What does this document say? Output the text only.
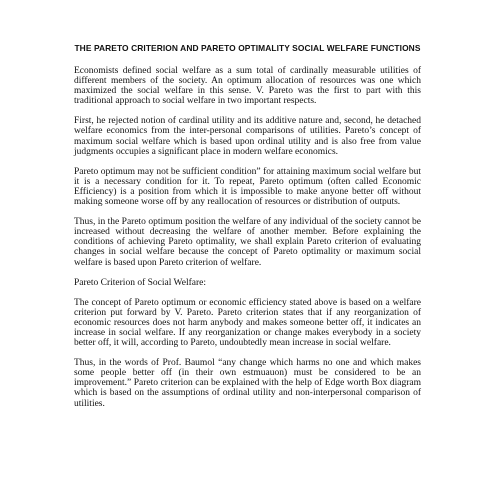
THE PARETO CRITERION AND PARETO OPTIMALITY SOCIAL WELFARE FUNCTIONS

Economists defined social welfare as a sum total of cardinally measurable utilities of different members of the society. An optimum allocation of resources was one which maximized the social welfare in this sense. V. Pareto was the first to part with this traditional approach to social welfare in two important respects.

First, he rejected notion of cardinal utility and its additive nature and, second, he detached welfare economics from the inter-personal comparisons of utilities. Pareto’s concept of maximum social welfare which is based upon ordinal utility and is also free from value judgments occupies a significant place in modern welfare economics.

Pareto optimum may not be sufficient condition” for attaining maximum social welfare but it is a necessary condition for it. To repeat, Pareto optimum (often called Economic Efficiency) is a position from which it is impossible to make anyone better off without making someone worse off by any reallocation of resources or distribution of outputs.

Thus, in the Pareto optimum position the welfare of any individual of the society cannot be increased without decreasing the welfare of another member. Before explaining the conditions of achieving Pareto optimality, we shall explain Pareto criterion of evaluating changes in social welfare because the concept of Pareto optimality or maximum social welfare is based upon Pareto criterion of welfare.

Pareto Criterion of Social Welfare:

The concept of Pareto optimum or economic efficiency stated above is based on a welfare criterion put forward by V. Pareto. Pareto criterion states that if any reorganization of economic resources does not harm anybody and makes someone better off, it indicates an increase in social welfare. If any reorganization or change makes everybody in a society better off, it will, according to Pareto, undoubtedly mean increase in social welfare.

Thus, in the words of Prof. Baumol “any change which harms no one and which makes some people better off (in their own estmuauon) must be considered to be an improvement.” Pareto criterion can be explained with the help of Edge worth Box diagram which is based on the assumptions of ordinal utility and non-interpersonal comparison of utilities.
